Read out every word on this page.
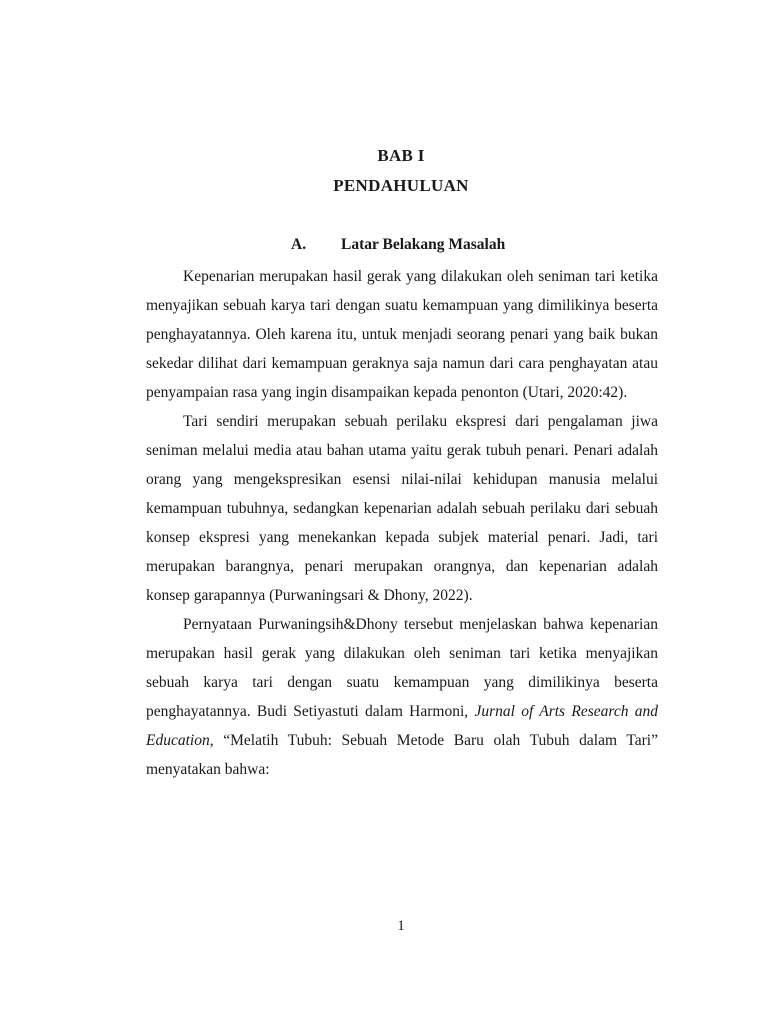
BAB I
PENDAHULUAN
A. Latar Belakang Masalah

Kepenarian merupakan hasil gerak yang dilakukan oleh seniman tari ketika menyajikan sebuah karya tari dengan suatu kemampuan yang dimilikinya beserta penghayatannya. Oleh karena itu, untuk menjadi seorang penari yang baik bukan sekedar dilihat dari kemampuan geraknya saja namun dari cara penghayatan atau penyampaian rasa yang ingin disampaikan kepada penonton (Utari, 2020:42).

Tari sendiri merupakan sebuah perilaku ekspresi dari pengalaman jiwa seniman melalui media atau bahan utama yaitu gerak tubuh penari. Penari adalah orang yang mengekspresikan esensi nilai-nilai kehidupan manusia melalui kemampuan tubuhnya, sedangkan kepenarian adalah sebuah perilaku dari sebuah konsep ekspresi yang menekankan kepada subjek material penari. Jadi, tari merupakan barangnya, penari merupakan orangnya, dan kepenarian adalah konsep garapannya (Purwaningsari & Dhony, 2022).

Pernyataan Purwaningsih&Dhony tersebut menjelaskan bahwa kepenarian merupakan hasil gerak yang dilakukan oleh seniman tari ketika menyajikan sebuah karya tari dengan suatu kemampuan yang dimilikinya beserta penghayatannya. Budi Setiyastuti dalam Harmoni, Jurnal of Arts Research and Education, “Melatih Tubuh: Sebuah Metode Baru olah Tubuh dalam Tari” menyatakan bahwa:

1
